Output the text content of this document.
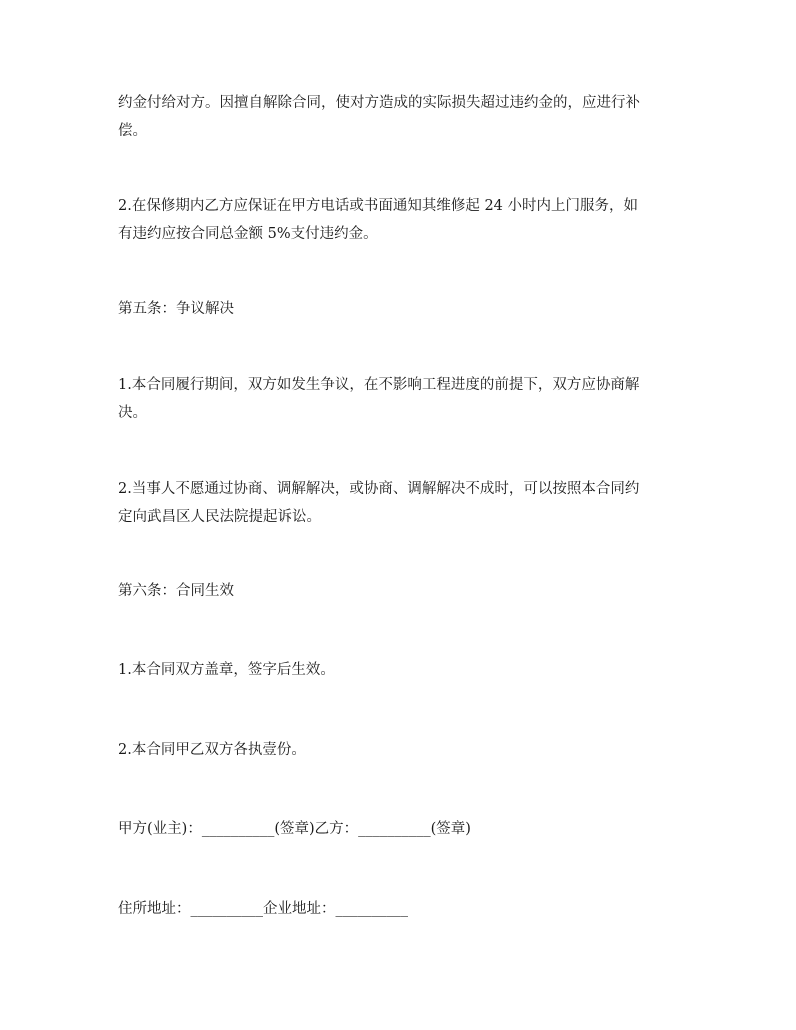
约金付给对方。因擅自解除合同，使对方造成的实际损失超过违约金的，应进行补
偿。
2.在保修期内乙方应保证在甲方电话或书面通知其维修起 24 小时内上门服务，如
有违约应按合同总金额 5%支付违约金。
第五条：争议解决
1.本合同履行期间，双方如发生争议，在不影响工程进度的前提下，双方应协商解
决。
2.当事人不愿通过协商、调解解决，或协商、调解解决不成时，可以按照本合同约
定向武昌区人民法院提起诉讼。
第六条：合同生效
1.本合同双方盖章，签字后生效。
2.本合同甲乙双方各执壹份。
甲方(业主)：__________(签章)乙方：__________(签章)
住所地址：__________企业地址：__________
